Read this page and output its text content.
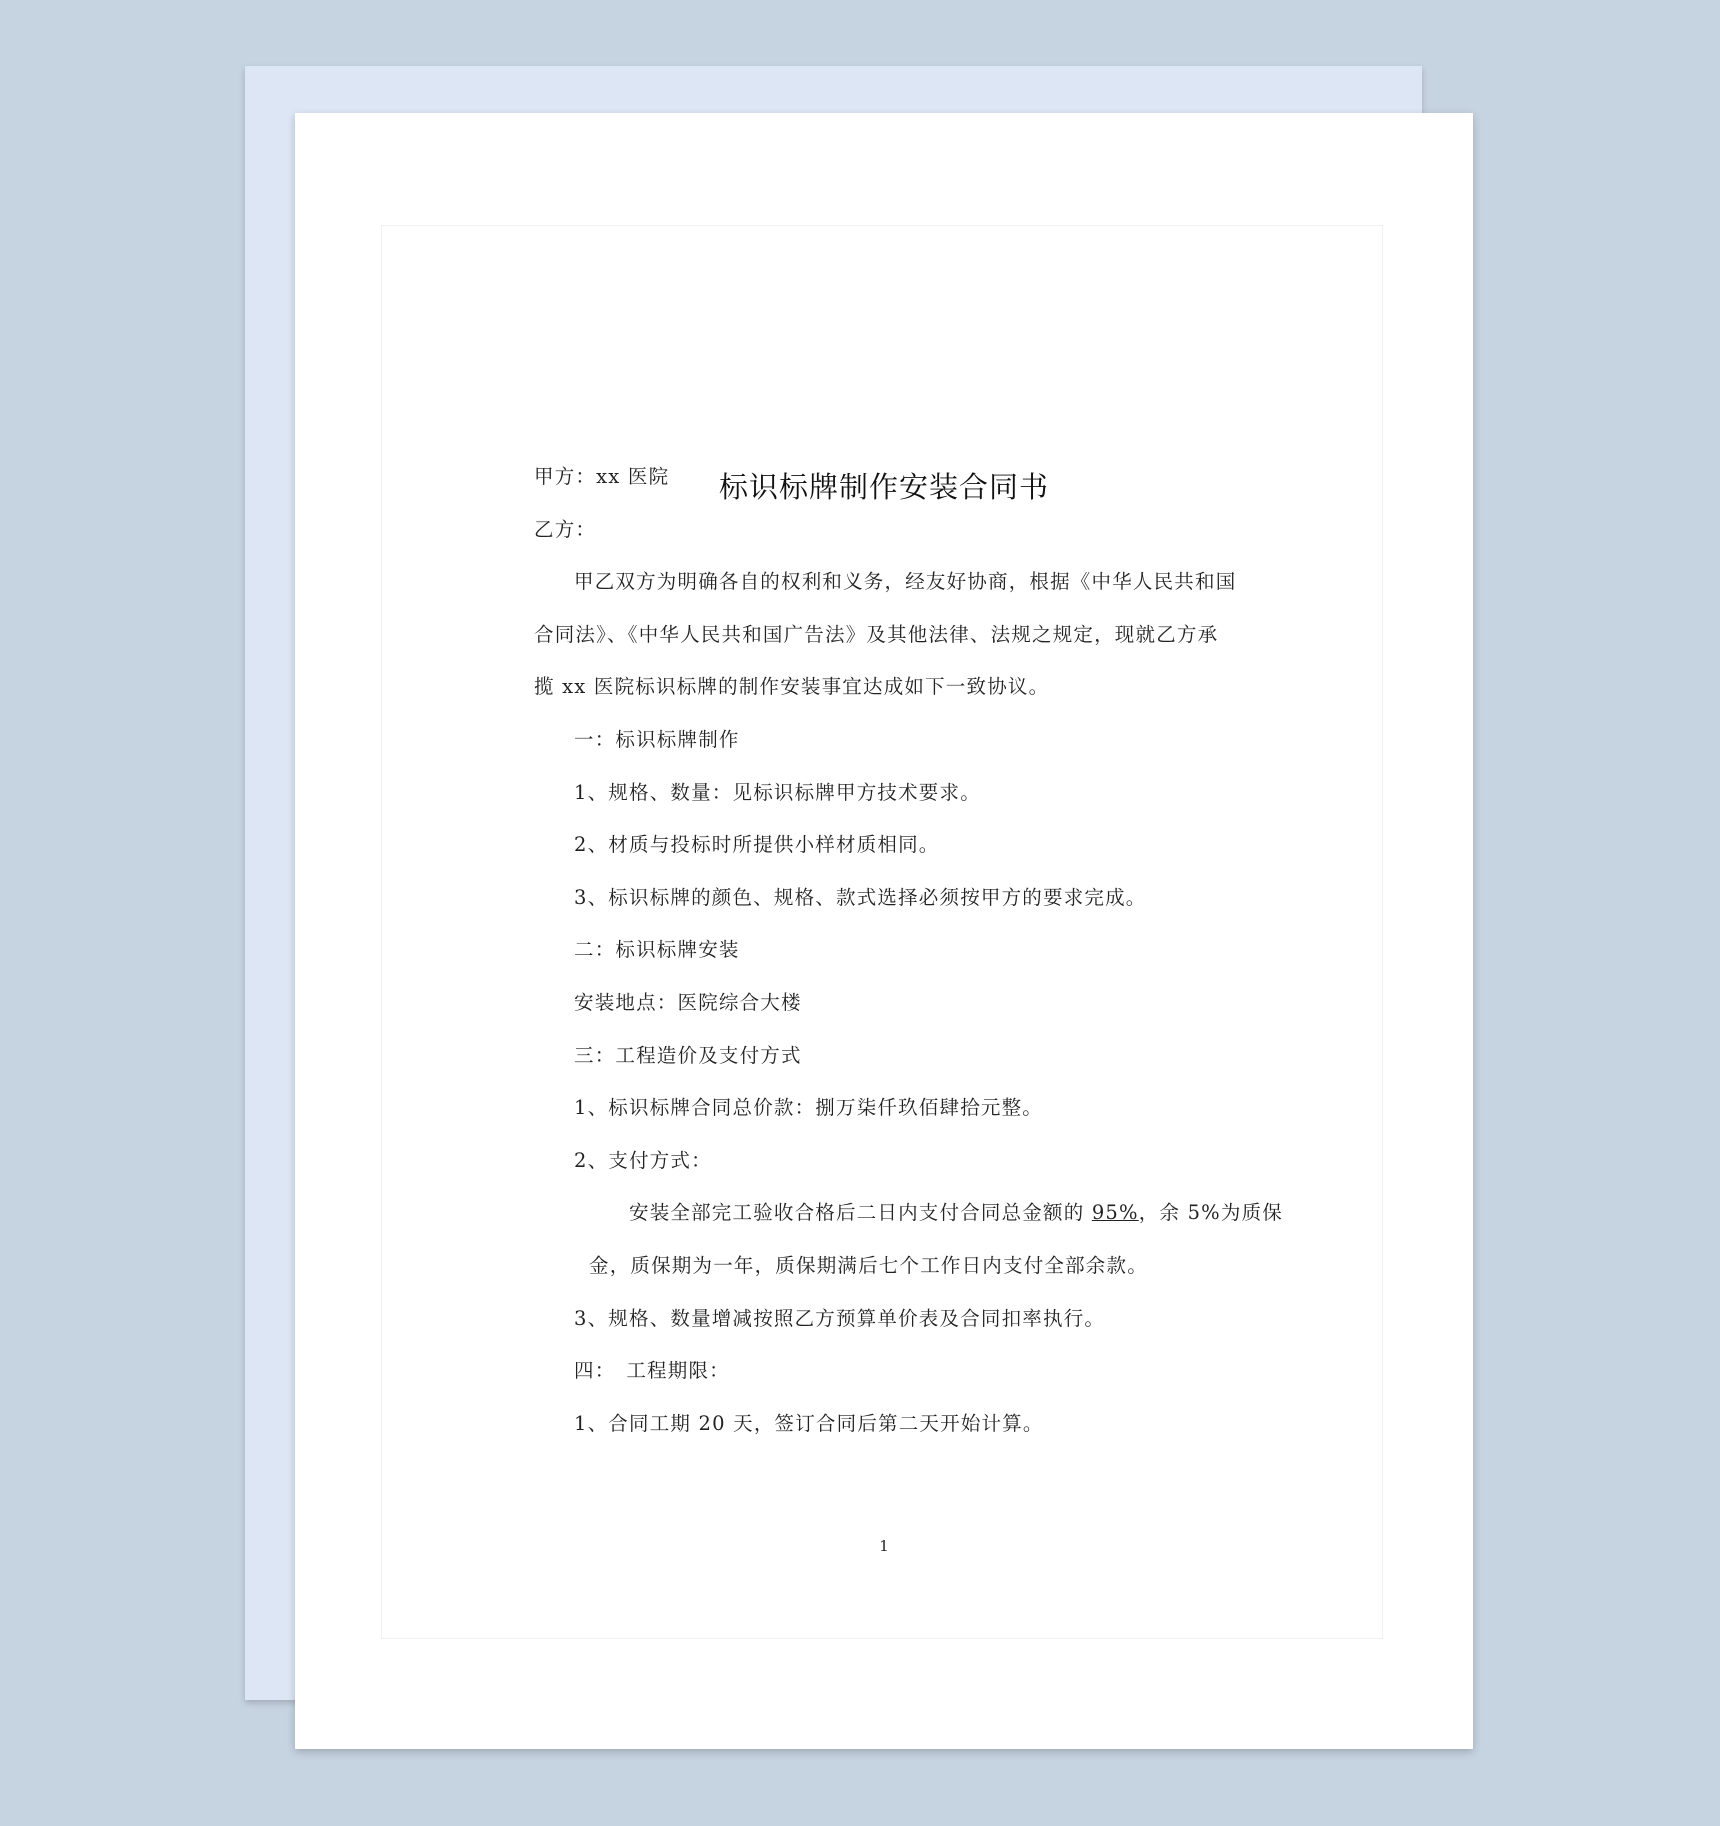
标识标牌制作安装合同书
甲方：xx 医院
乙方：
甲乙双方为明确各自的权利和义务，经友好协商，根据《中华人民共和国
合同法》、《中华人民共和国广告法》及其他法律、法规之规定，现就乙方承
揽 xx 医院标识标牌的制作安装事宜达成如下一致协议。
一：标识标牌制作
1、规格、数量：见标识标牌甲方技术要求。
2、材质与投标时所提供小样材质相同。
3、标识标牌的颜色、规格、款式选择必须按甲方的要求完成。
二：标识标牌安装
安装地点：医院综合大楼
三：工程造价及支付方式
1、标识标牌合同总价款：捌万柒仟玖佰肆拾元整。
2、支付方式：
安装全部完工验收合格后二日内支付合同总金额的 95%，余 5%为质保
金，质保期为一年，质保期满后七个工作日内支付全部余款。
3、规格、数量增减按照乙方预算单价表及合同扣率执行。
四：　工程期限：
1、合同工期 20 天，签订合同后第二天开始计算。
1
